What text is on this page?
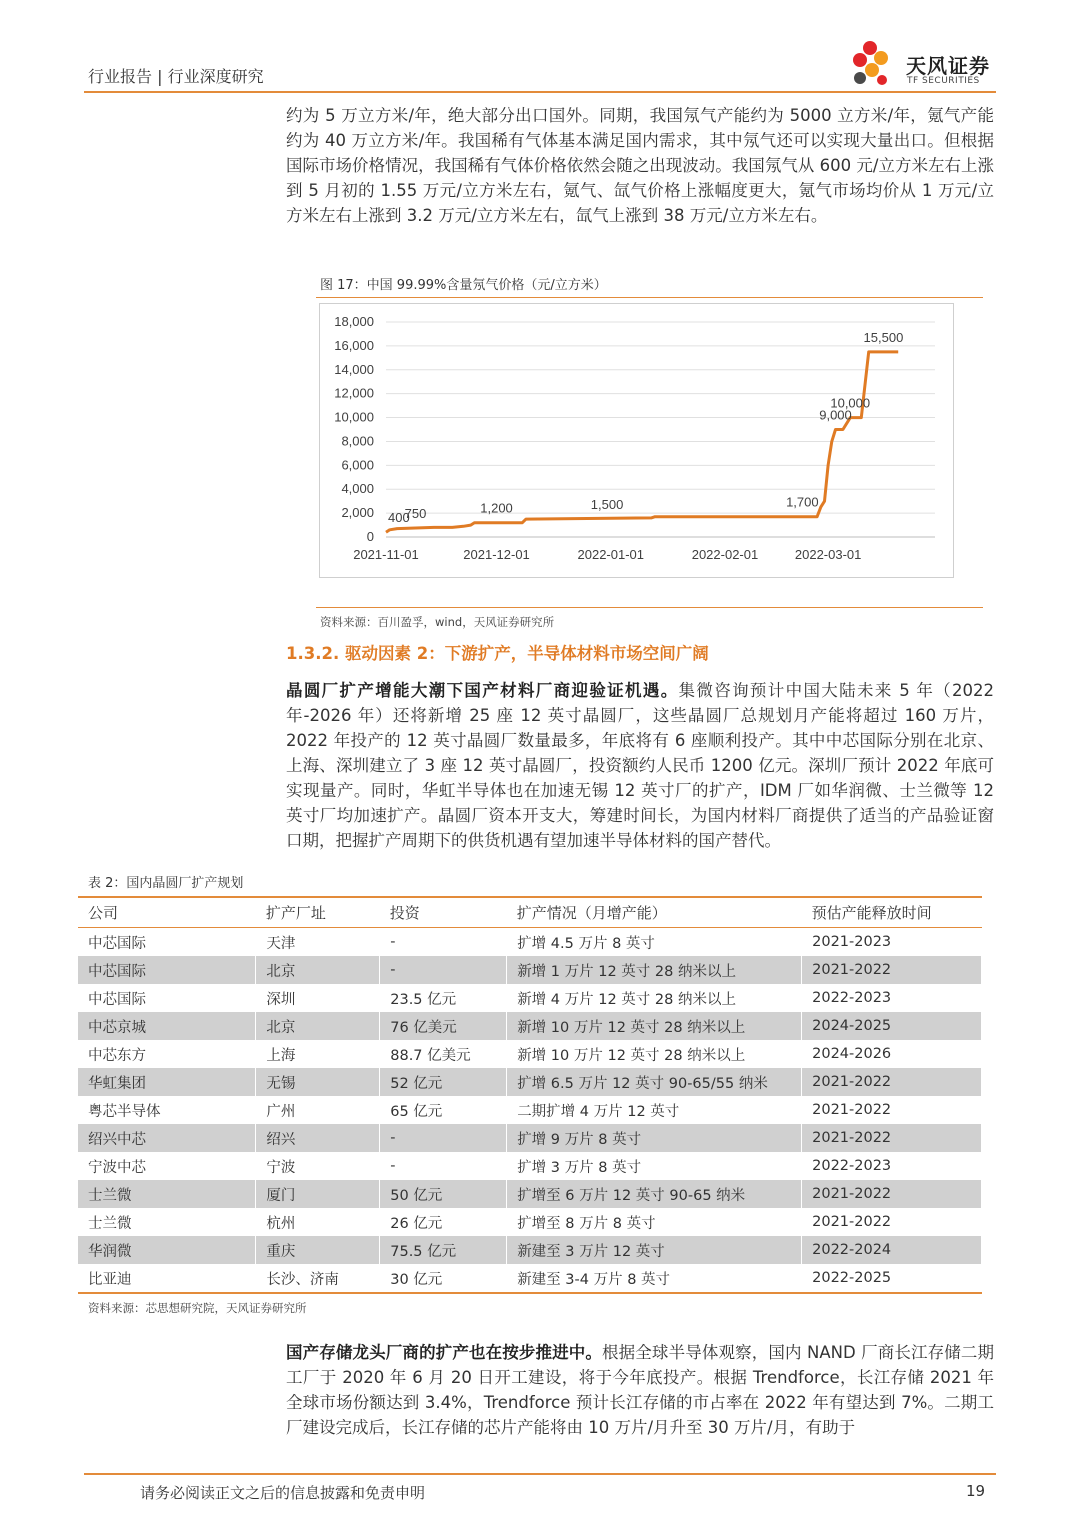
行业报告 | 行业深度研究	天风证券
TF SECURITIES
约为 5 万立方米/年，绝大部分出口国外。同期，我国氖气产能约为 5000 立方米/年，氪气产能约为 40 万立方米/年。我国稀有气体基本满足国内需求，其中氖气还可以实现大量出口。但根据国际市场价格情况，我国稀有气体价格依然会随之出现波动。我国氖气从 600 元/立方米左右上涨到 5 月初的 1.55 万元/立方米左右，氪气、氙气价格上涨幅度更大，氪气市场均价从 1 万元/立方米左右上涨到 3.2 万元/立方米左右，氙气上涨到 38 万元/立方米左右。
图 17：中国 99.99%含量氖气价格（元/立方米）
0
2,000
4,000
6,000
8,000
10,000
12,000
14,000
16,000
18,000
2021-11-01	2021-12-01	2022-01-01	2022-02-01	2022-03-01
400
750	1,200	1,500	1,700
9,000
10,000
15,500
资料来源：百川盈孚，wind，天风证券研究所
1.3.2. 驱动因素 2：下游扩产，半导体材料市场空间广阔
晶圆厂扩产增能大潮下国产材料厂商迎验证机遇。集微咨询预计中国大陆未来 5 年（2022 年-2026 年）还将新增 25 座 12 英寸晶圆厂，这些晶圆厂总规划月产能将超过 160 万片，2022 年投产的 12 英寸晶圆厂数量最多，年底将有 6 座顺利投产。其中中芯国际分别在北京、上海、深圳建立了 3 座 12 英寸晶圆厂，投资额约人民币 1200 亿元。深圳厂预计 2022 年底可实现量产。同时，华虹半导体也在加速无锡 12 英寸厂的扩产，IDM 厂如华润微、士兰微等 12 英寸厂均加速扩产。晶圆厂资本开支大，筹建时间长，为国内材料厂商提供了适当的产品验证窗口期，把握扩产周期下的供货机遇有望加速半导体材料的国产替代。
表 2：国内晶圆厂扩产规划
公司	扩产厂址	投资	扩产情况（月增产能）	预估产能释放时间
中芯国际	天津	-	扩增 4.5 万片 8 英寸	2021-2023
中芯国际	北京	-	新增 1 万片 12 英寸 28 纳米以上	2021-2022
中芯国际	深圳	23.5 亿元	新增 4 万片 12 英寸 28 纳米以上	2022-2023
中芯京城	北京	76 亿美元	新增 10 万片 12 英寸 28 纳米以上	2024-2025
中芯东方	上海	88.7 亿美元	新增 10 万片 12 英寸 28 纳米以上	2024-2026
华虹集团	无锡	52 亿元	扩增 6.5 万片 12 英寸 90-65/55 纳米	2021-2022
粤芯半导体	广州	65 亿元	二期扩增 4 万片 12 英寸	2021-2022
绍兴中芯	绍兴	-	扩增 9 万片 8 英寸	2021-2022
宁波中芯	宁波	-	扩增 3 万片 8 英寸	2022-2023
士兰微	厦门	50 亿元	扩增至 6 万片 12 英寸 90-65 纳米	2021-2022
士兰微	杭州	26 亿元	扩增至 8 万片 8 英寸	2021-2022
华润微	重庆	75.5 亿元	新建至 3 万片 12 英寸	2022-2024
比亚迪	长沙、济南	30 亿元	新建至 3-4 万片 8 英寸	2022-2025
资料来源：芯思想研究院，天风证券研究所
国产存储龙头厂商的扩产也在按步推进中。根据全球半导体观察，国内 NAND 厂商长江存储二期工厂于 2020 年 6 月 20 日开工建设，将于今年底投产。根据 Trendforce，长江存储 2021 年全球市场份额达到 3.4%，Trendforce 预计长江存储的市占率在 2022 年有望达到 7%。二期工厂建设完成后，长江存储的芯片产能将由 10 万片/月升至 30 万片/月，有助于
请务必阅读正文之后的信息披露和免责申明	19
